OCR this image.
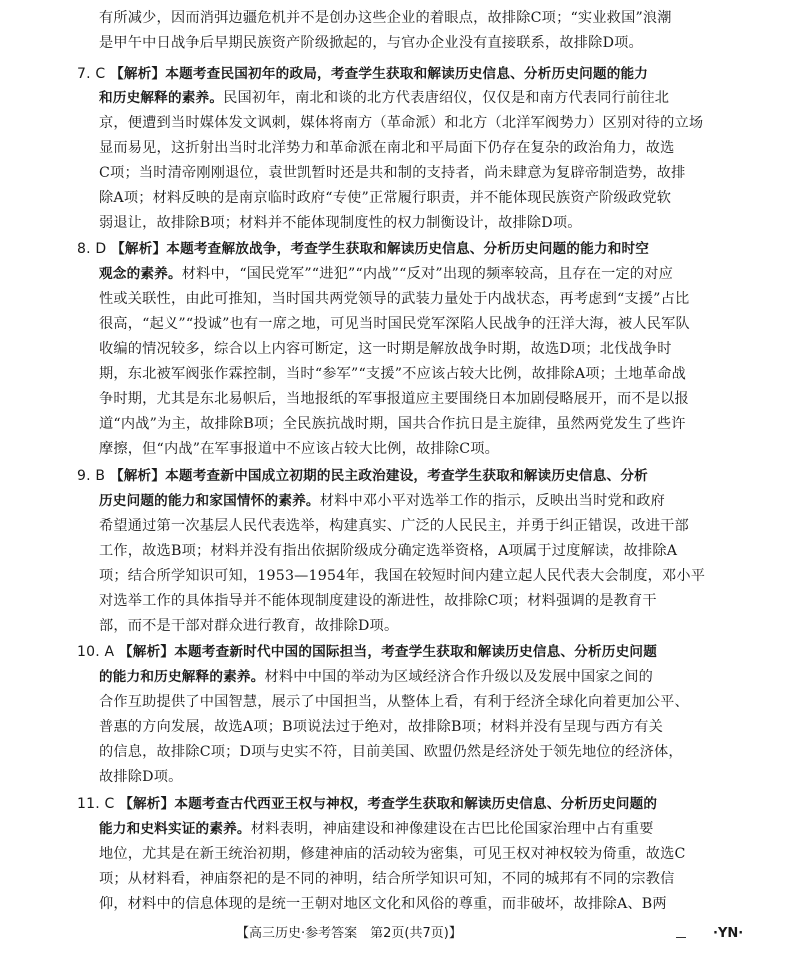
有所减少，因而消弭边疆危机并不是创办这些企业的着眼点，故排除C项；“实业救国”浪潮
是甲午中日战争后早期民族资产阶级掀起的，与官办企业没有直接联系，故排除D项。
7. C 【解析】本题考查民国初年的政局，考查学生获取和解读历史信息、分析历史问题的能力
和历史解释的素养。民国初年，南北和谈的北方代表唐绍仪，仅仅是和南方代表同行前往北
京，便遭到当时媒体发文讽刺，媒体将南方（革命派）和北方（北洋军阀势力）区别对待的立场
显而易见，这折射出当时北洋势力和革命派在南北和平局面下仍存在复杂的政治角力，故选
C项；当时清帝刚刚退位，袁世凯暂时还是共和制的支持者，尚未肆意为复辟帝制造势，故排
除A项；材料反映的是南京临时政府“专使”正常履行职责，并不能体现民族资产阶级政党软
弱退让，故排除B项；材料并不能体现制度性的权力制衡设计，故排除D项。
8. D 【解析】本题考查解放战争，考查学生获取和解读历史信息、分析历史问题的能力和时空
观念的素养。材料中，“国民党军”“进犯”“内战”“反对”出现的频率较高，且存在一定的对应
性或关联性，由此可推知，当时国共两党领导的武装力量处于内战状态，再考虑到“支援”占比
很高，“起义”“投诚”也有一席之地，可见当时国民党军深陷人民战争的汪洋大海，被人民军队
收编的情况较多，综合以上内容可断定，这一时期是解放战争时期，故选D项；北伐战争时
期，东北被军阀张作霖控制，当时“参军”“支援”不应该占较大比例，故排除A项；土地革命战
争时期，尤其是东北易帜后，当地报纸的军事报道应主要围绕日本加剧侵略展开，而不是以报
道“内战”为主，故排除B项；全民族抗战时期，国共合作抗日是主旋律，虽然两党发生了些许
摩擦，但“内战”在军事报道中不应该占较大比例，故排除C项。
9. B 【解析】本题考查新中国成立初期的民主政治建设，考查学生获取和解读历史信息、分析
历史问题的能力和家国情怀的素养。材料中邓小平对选举工作的指示，反映出当时党和政府
希望通过第一次基层人民代表选举，构建真实、广泛的人民民主，并勇于纠正错误，改进干部
工作，故选B项；材料并没有指出依据阶级成分确定选举资格，A项属于过度解读，故排除A
项；结合所学知识可知，1953—1954年，我国在较短时间内建立起人民代表大会制度，邓小平
对选举工作的具体指导并不能体现制度建设的渐进性，故排除C项；材料强调的是教育干
部，而不是干部对群众进行教育，故排除D项。
10. A 【解析】本题考查新时代中国的国际担当，考查学生获取和解读历史信息、分析历史问题
的能力和历史解释的素养。材料中中国的举动为区域经济合作升级以及发展中国家之间的
合作互助提供了中国智慧，展示了中国担当，从整体上看，有利于经济全球化向着更加公平、
普惠的方向发展，故选A项；B项说法过于绝对，故排除B项；材料并没有呈现与西方有关
的信息，故排除C项；D项与史实不符，目前美国、欧盟仍然是经济处于领先地位的经济体，
故排除D项。
11. C 【解析】本题考查古代西亚王权与神权，考查学生获取和解读历史信息、分析历史问题的
能力和史料实证的素养。材料表明，神庙建设和神像建设在古巴比伦国家治理中占有重要
地位，尤其是在新王统治初期，修建神庙的活动较为密集，可见王权对神权较为倚重，故选C
项；从材料看，神庙祭祀的是不同的神明，结合所学知识可知，不同的城邦有不同的宗教信
仰，材料中的信息体现的是统一王朝对地区文化和风俗的尊重，而非破坏，故排除A、B两
【高三历史·参考答案　第2页(共7页)】	·YN·
